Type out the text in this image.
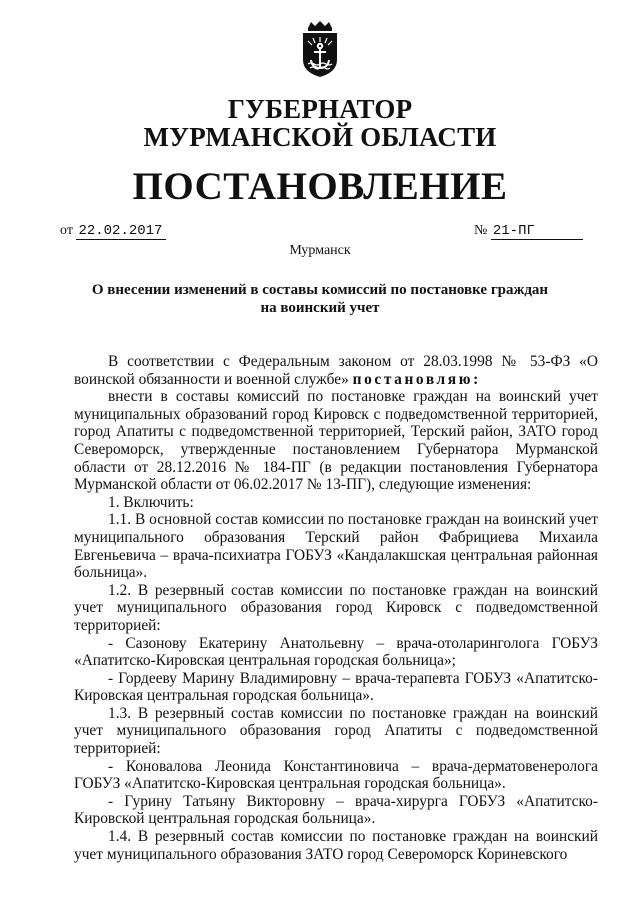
ГУБЕРНАТОР
МУРМАНСКОЙ ОБЛАСТИ
ПОСТАНОВЛЕНИЕ
от 22.02.2017	№ 21-ПГ
Мурманск
О внесении изменений в составы комиссий по постановке граждан
на воинский учет

В соответствии с Федеральным законом от 28.03.1998 № 53-ФЗ «О воинской обязанности и военной службе» постановляю:

внести в составы комиссий по постановке граждан на воинский учет муниципальных образований город Кировск с подведомственной территорией, город Апатиты с подведомственной территорией, Терский район, ЗАТО город Североморск, утвержденные постановлением Губернатора Мурманской области от 28.12.2016 № 184-ПГ (в редакции постановления Губернатора Мурманской области от 06.02.2017 № 13-ПГ), следующие изменения:

1. Включить:

1.1. В основной состав комиссии по постановке граждан на воинский учет муниципального образования Терский район Фабрициева Михаила Евгеньевича – врача-психиатра ГОБУЗ «Кандалакшская центральная районная больница».

1.2. В резервный состав комиссии по постановке граждан на воинский учет муниципального образования город Кировск с подведомственной территорией:

- Сазонову Екатерину Анатольевну – врача-отоларинголога ГОБУЗ «Апатитско-Кировская центральная городская больница»;

- Гордееву Марину Владимировну – врача-терапевта ГОБУЗ «Апатитско-Кировская центральная городская больница».

1.3. В резервный состав комиссии по постановке граждан на воинский учет муниципального образования город Апатиты с подведомственной территорией:

- Коновалова Леонида Константиновича – врача-дерматовенеролога ГОБУЗ «Апатитско-Кировская центральная городская больница».

- Гурину Татьяну Викторовну – врача-хирурга ГОБУЗ «Апатитско-Кировской центральная городская больница».

1.4. В резервный состав комиссии по постановке граждан на воинский учет муниципального образования ЗАТО город Североморск Кориневского
